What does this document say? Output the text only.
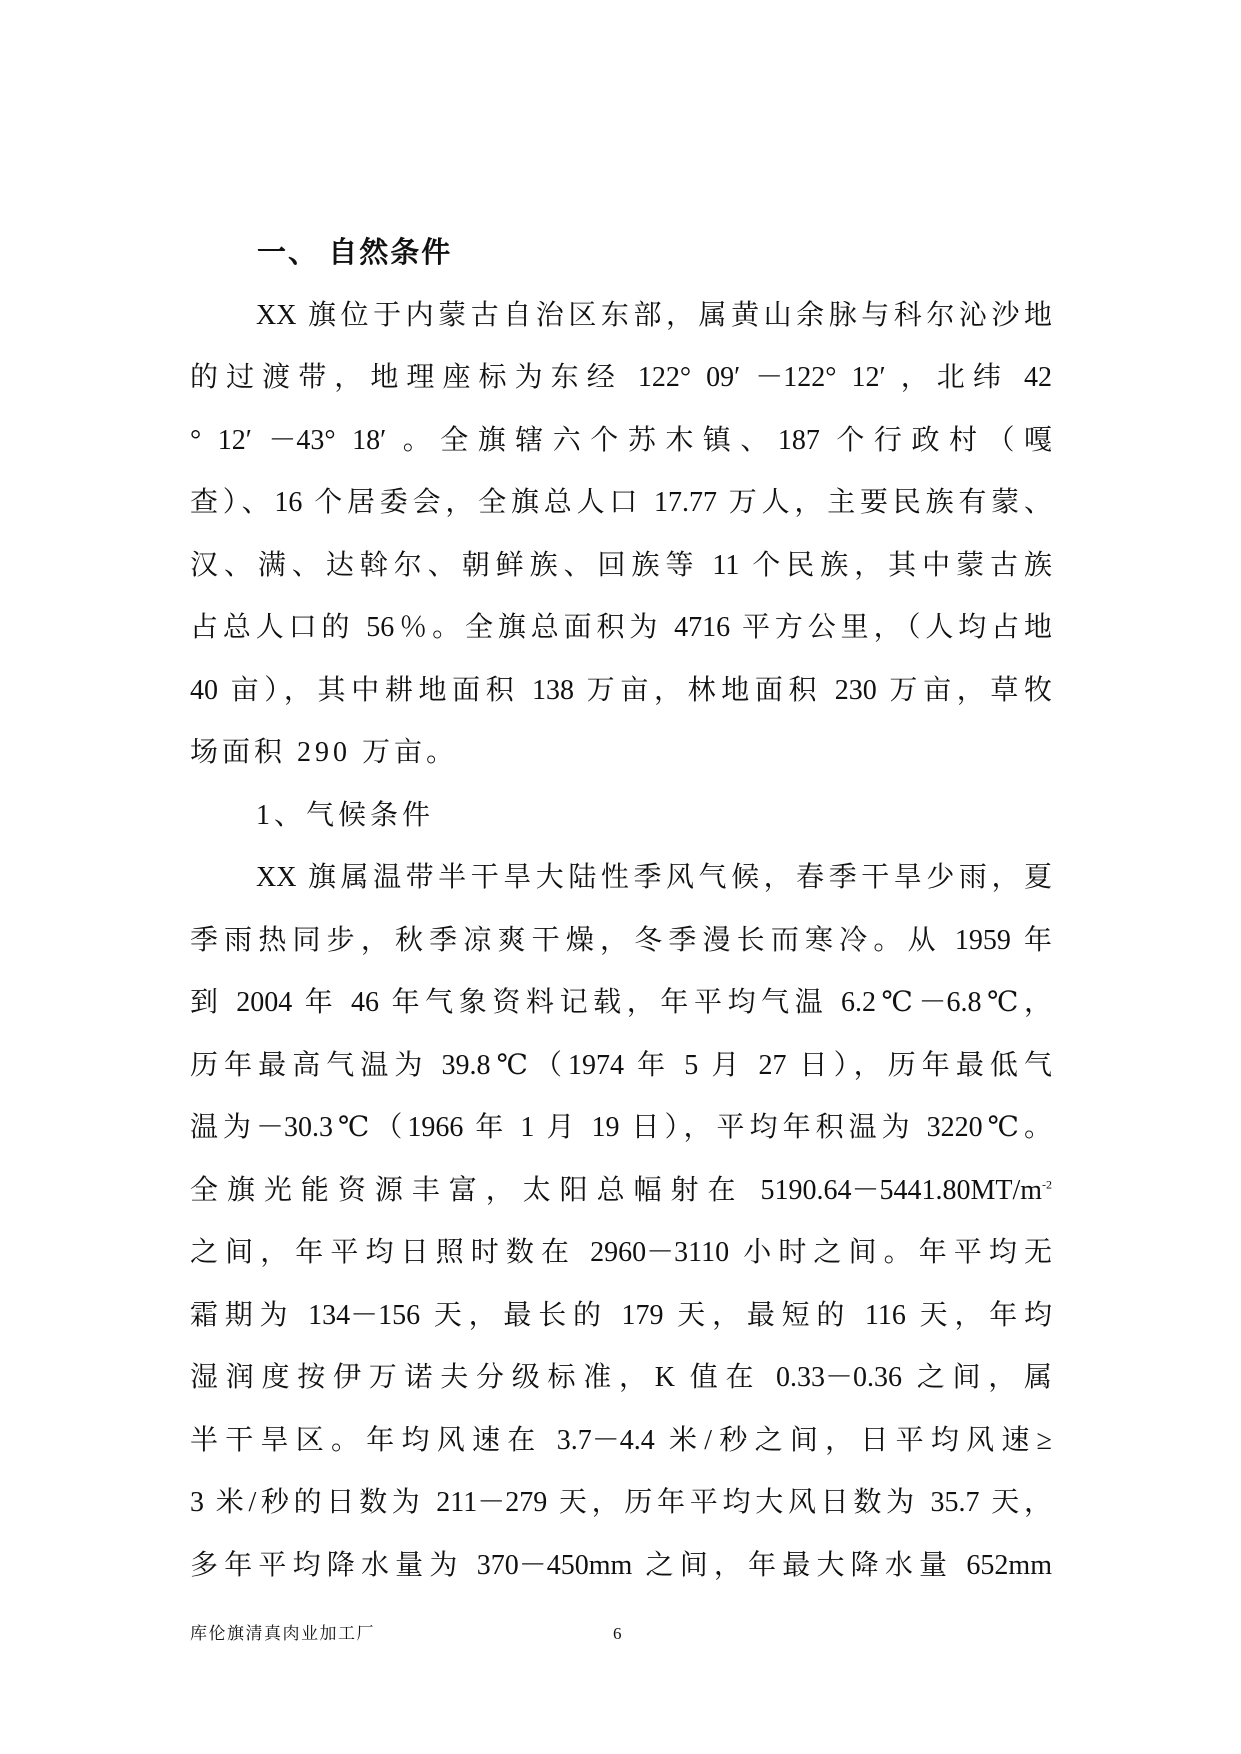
一、 自然条件
XX 旗位于内蒙古自治区东部，属黄山余脉与科尔沁沙地
的过渡带，地理座标为东经 122° 09′ －122° 12′ ，北纬 42
° 12′ －43° 18′ 。全旗辖六个苏木镇、187 个行政村（嘎
查）、16 个居委会，全旗总人口 17.77 万人，主要民族有蒙、
汉、满、达斡尔、朝鲜族、回族等 11 个民族，其中蒙古族
占总人口的 56％。全旗总面积为 4716 平方公里，（人均占地
40 亩），其中耕地面积 138 万亩，林地面积 230 万亩，草牧
场面积 290 万亩。
1、气候条件
XX 旗属温带半干旱大陆性季风气候，春季干旱少雨，夏
季雨热同步，秋季凉爽干燥，冬季漫长而寒冷。从 1959 年
到 2004 年 46 年气象资料记载，年平均气温 6.2℃－6.8℃，
历年最高气温为 39.8℃（1974 年 5 月 27 日），历年最低气
温为－30.3℃（1966 年 1 月 19 日），平均年积温为 3220℃。
全旗光能资源丰富，太阳总幅射在 $5190.64-5441.80MT/m^{-2}$
之间，年平均日照时数在 2960－3110 小时之间。年平均无
霜期为 134－156 天，最长的 179 天，最短的 116 天，年均
湿润度按伊万诺夫分级标准，K 值在 0.33－0.36 之间，属
半干旱区。年均风速在 3.7－4.4 米/秒之间，日平均风速≥
3 米/秒的日数为 211－279 天，历年平均大风日数为 35.7 天，
多年平均降水量为 370－450mm 之间，年最大降水量 652mm
库伦旗清真肉业加工厂	6
